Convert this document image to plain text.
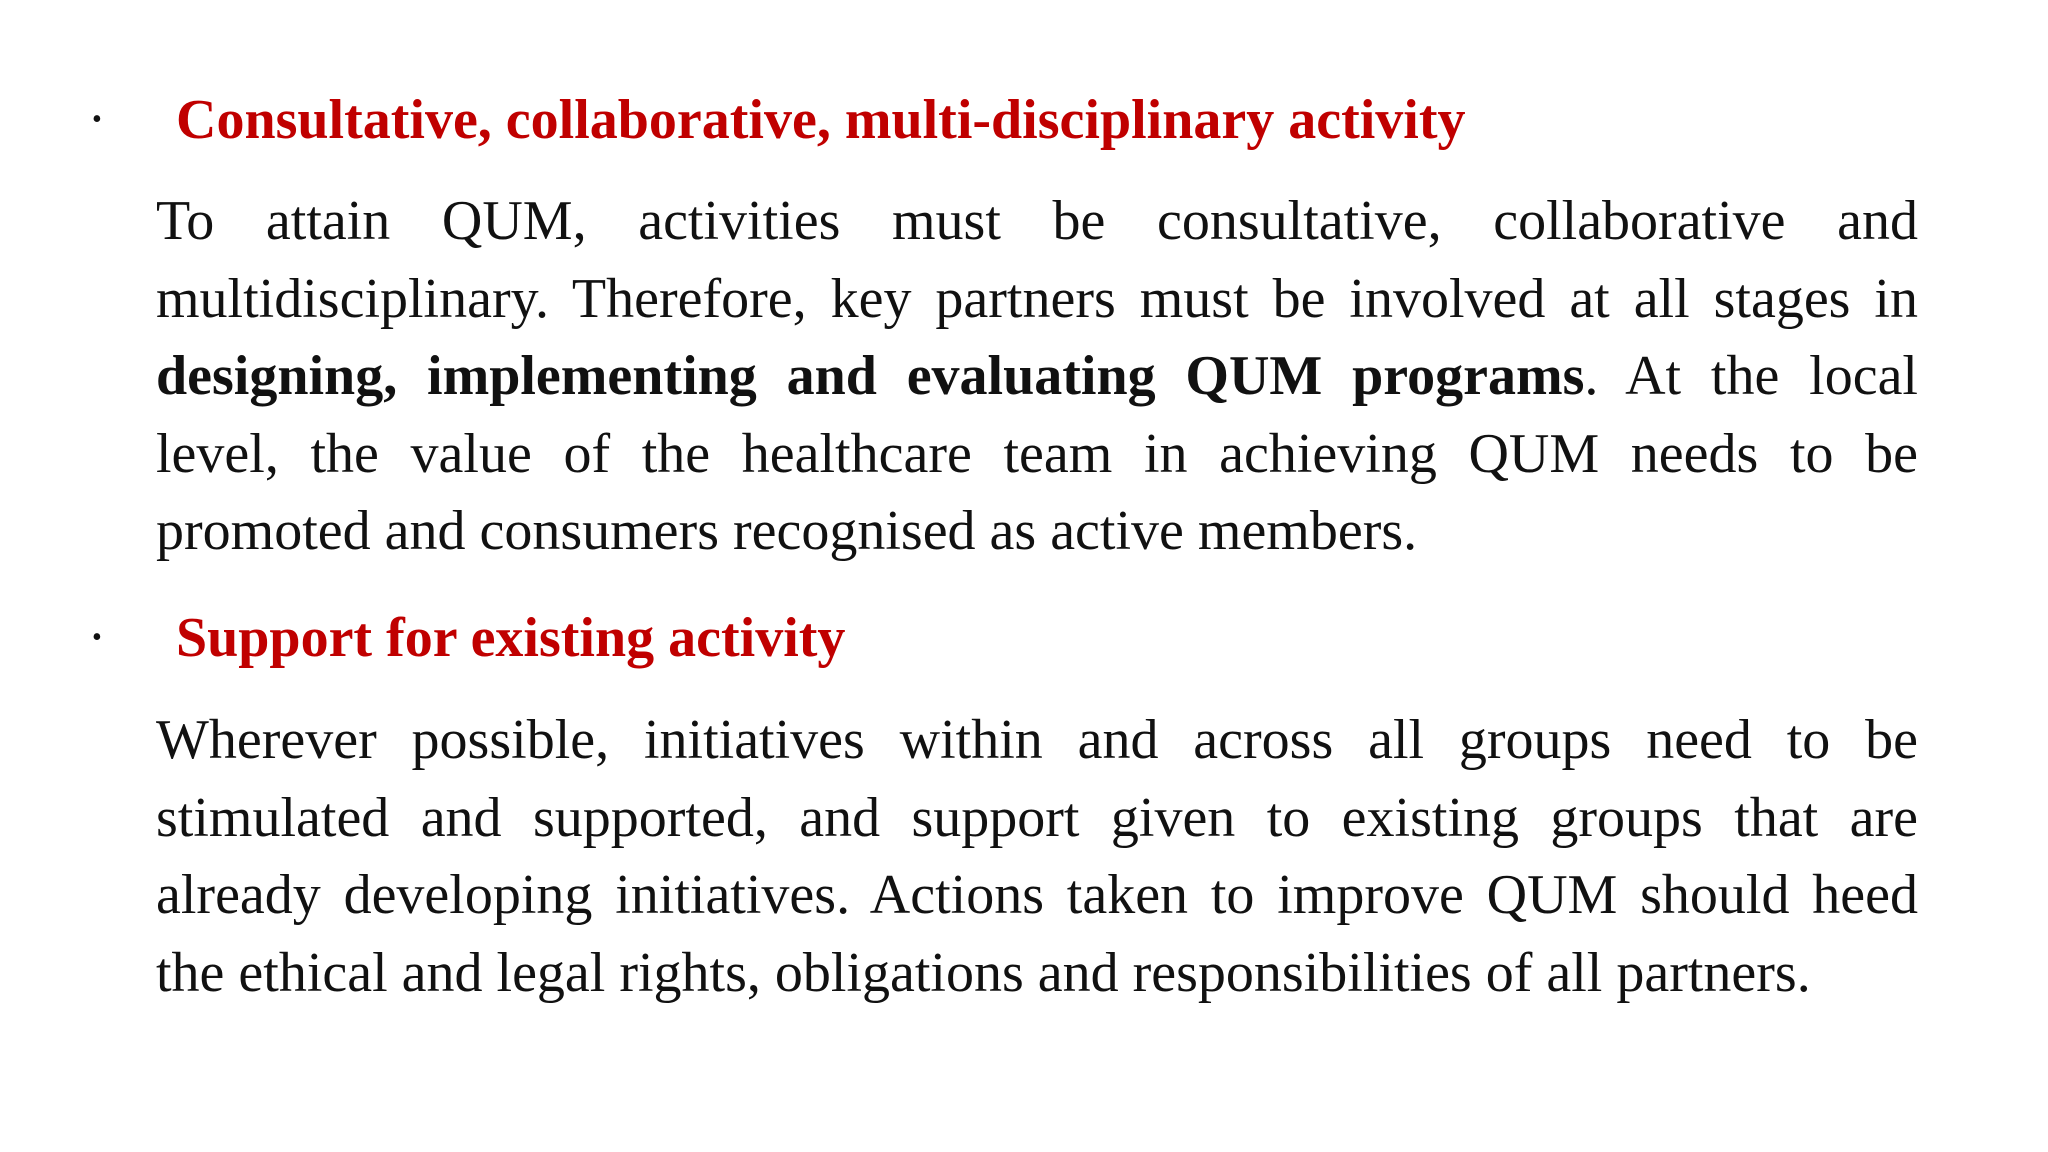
• Consultative, collaborative, multi-disciplinary activity

To attain QUM, activities must be consultative, collaborative and multidisciplinary. Therefore, key partners must be involved at all stages in designing, implementing and evaluating QUM programs. At the local level, the value of the healthcare team in achieving QUM needs to be promoted and consumers recognised as active members.

• Support for existing activity

Wherever possible, initiatives within and across all groups need to be stimulated and supported, and support given to existing groups that are already developing initiatives. Actions taken to improve QUM should heed the ethical and legal rights, obligations and responsibilities of all partners.
